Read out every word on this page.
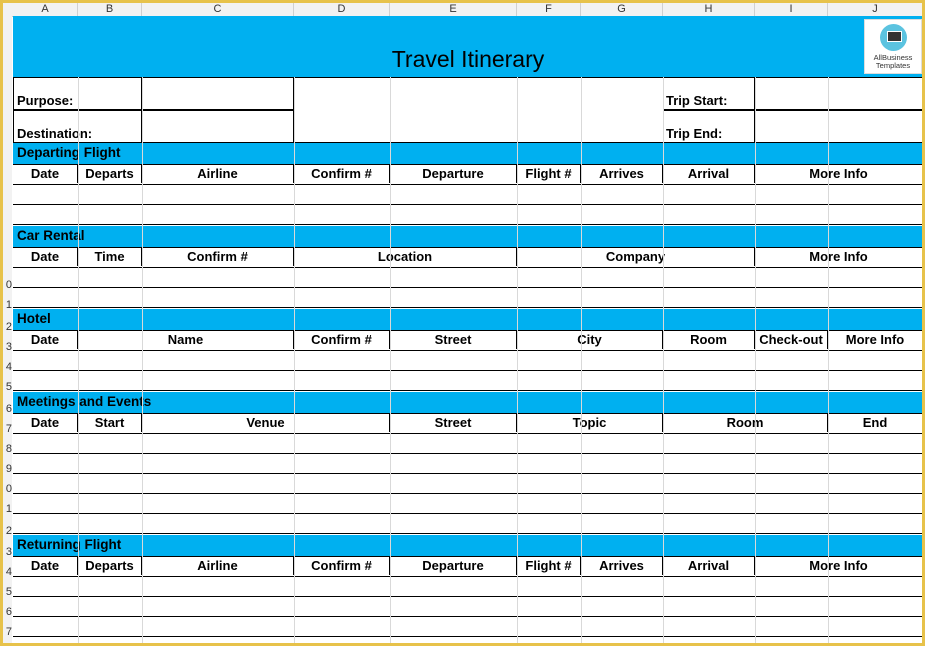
A	B	C	D	E	F	G	H	I	J
0
1
2
3
4
5
6
7
8
9
0
1
2
3
4
5
6
7
Travel Itinerary	AllBusiness
Templates
Purpose:
Destination:
Trip Start:
Trip End:
Departing Flight
Date	Departs	Airline	Confirm #	Departure	Flight #	Arrives	Arrival	More Info
Car Rental
Date	Time	Confirm #	Location	Company	More Info
Hotel
Date	Name	Confirm #	Street	City	Room	Check-out	More Info
Meetings and Events
Date	Start	Venue	Street	Topic	Room	End
Returning Flight
Date	Departs	Airline	Confirm #	Departure	Flight #	Arrives	Arrival	More Info
